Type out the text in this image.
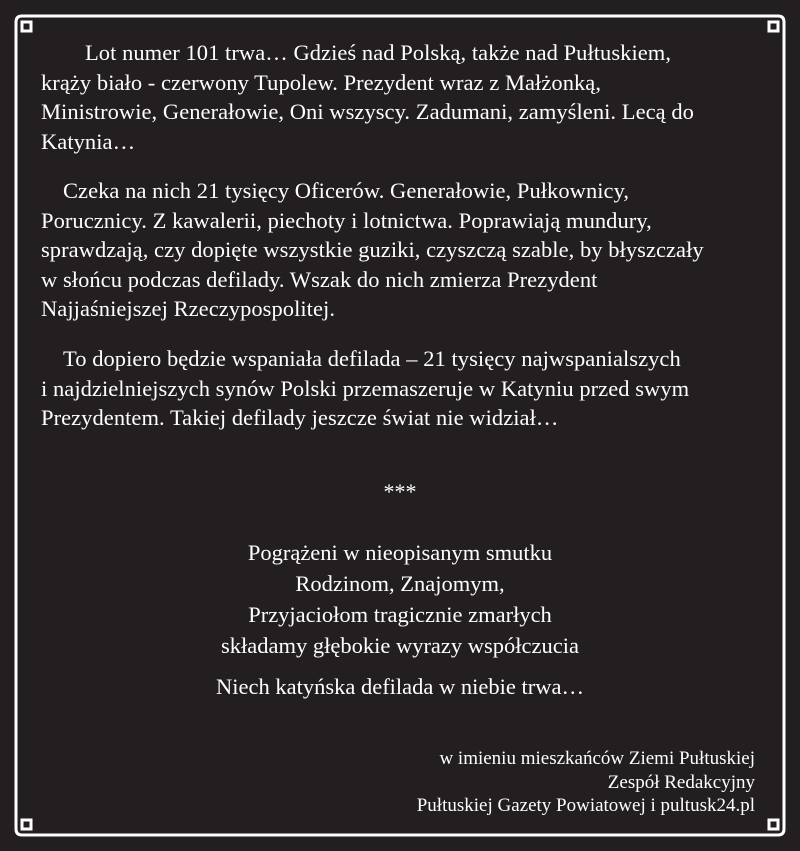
Lot numer 101 trwa… Gdzieś nad Polską, także nad Pułtuskiem,
krąży biało - czerwony Tupolew. Prezydent wraz z Małżonką,
Ministrowie, Generałowie, Oni wszyscy. Zadumani, zamyśleni. Lecą do
Katynia…

Czeka na nich 21 tysięcy Oficerów. Generałowie, Pułkownicy,
Porucznicy. Z kawalerii, piechoty i lotnictwa. Poprawiają mundury,
sprawdzają, czy dopięte wszystkie guziki, czyszczą szable, by błyszczały
w słońcu podczas defilady. Wszak do nich zmierza Prezydent
Najjaśniejszej Rzeczypospolitej.

To dopiero będzie wspaniała defilada – 21 tysięcy najwspanialszych
i najdzielniejszych synów Polski przemaszeruje w Katyniu przed swym
Prezydentem. Takiej defilady jeszcze świat nie widział…

***
Pogrążeni w nieopisanym smutku
Rodzinom, Znajomym,
Przyjaciołom tragicznie zmarłych
składamy głębokie wyrazy współczucia
Niech katyńska defilada w niebie trwa…
w imieniu mieszkańców Ziemi Pułtuskiej
Zespół Redakcyjny
Pułtuskiej Gazety Powiatowej i pultusk24.pl
